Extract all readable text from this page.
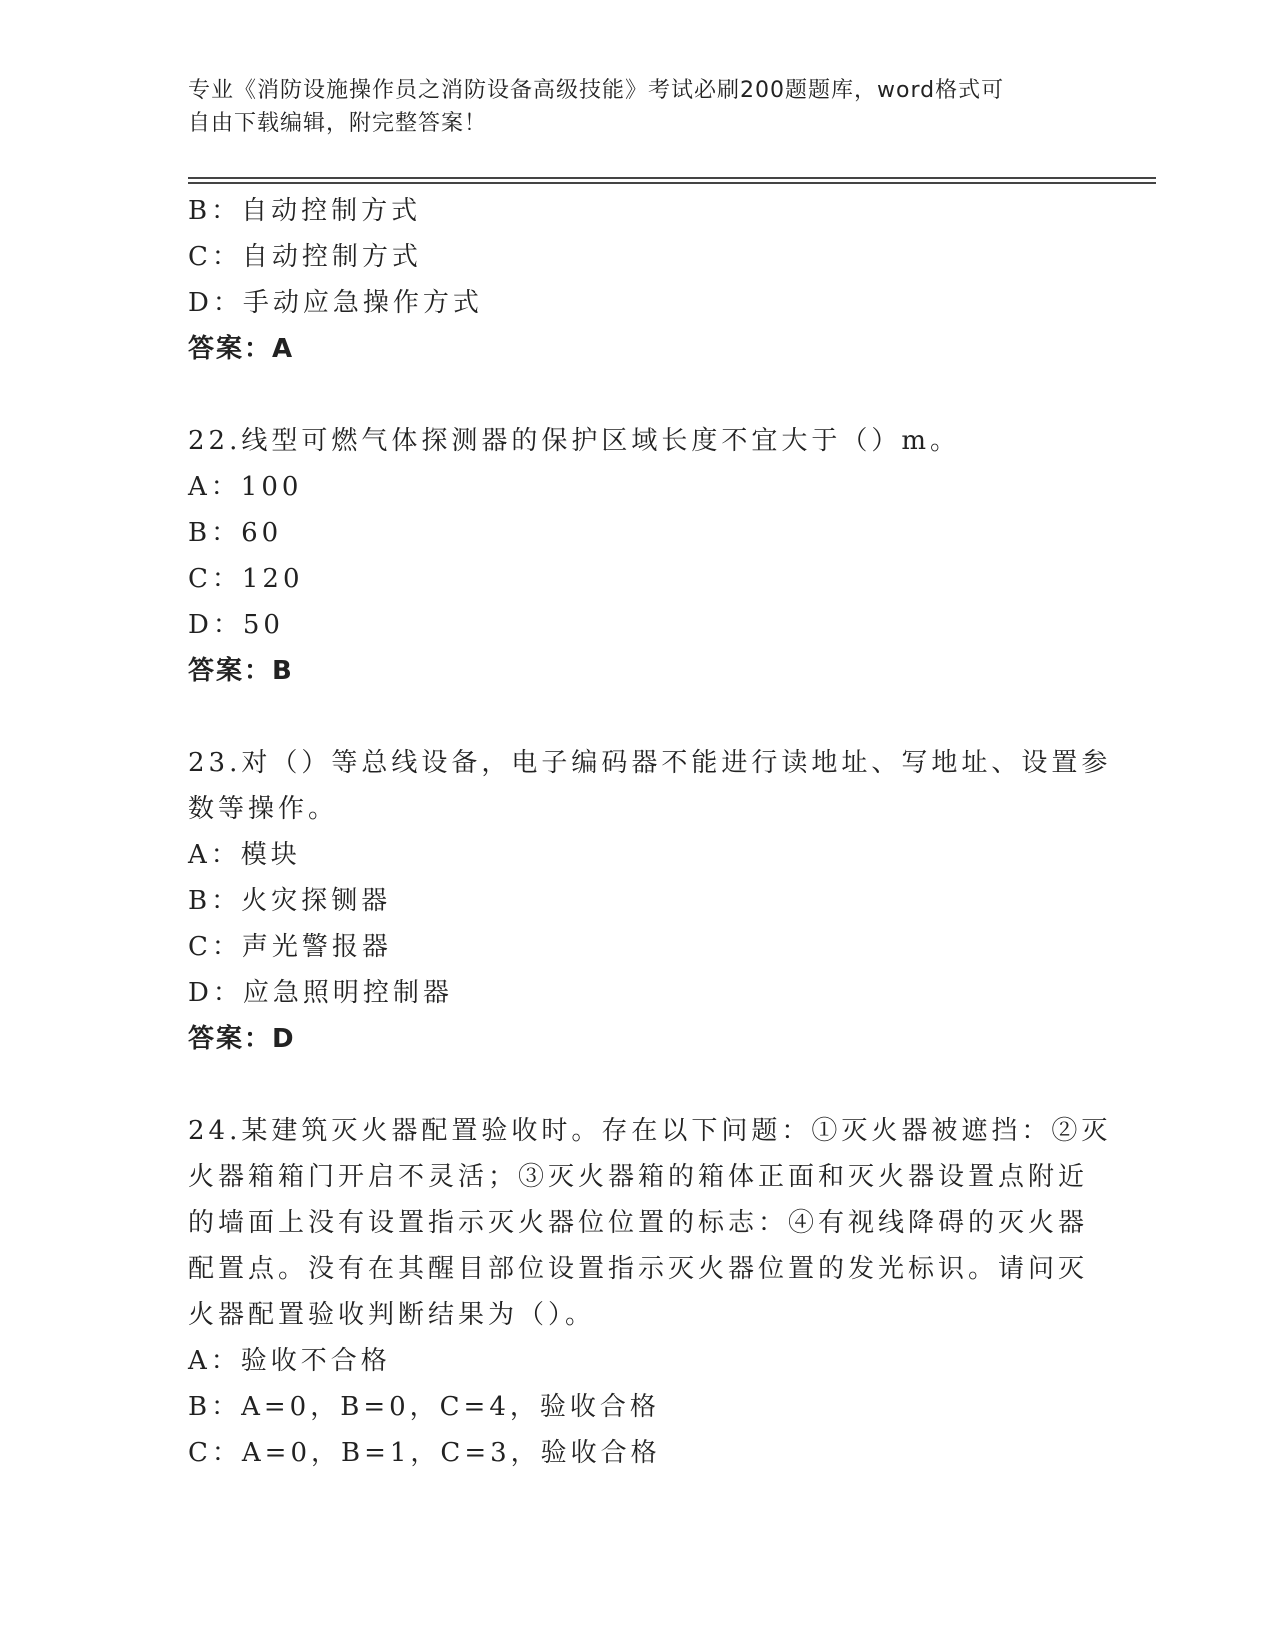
专业《消防设施操作员之消防设备高级技能》考试必刷200题题库，word格式可
自由下载编辑，附完整答案！
B：自动控制方式
C：自动控制方式
D：手动应急操作方式
答案：A
22.线型可燃气体探测器的保护区域长度不宜大于（）m。
A：100
B：60
C：120
D：50
答案：B
23.对（）等总线设备，电子编码器不能进行读地址、写地址、设置参
数等操作。
A：模块
B：火灾探铡器
C：声光警报器
D：应急照明控制器
答案：D
24.某建筑灭火器配置验收时。存在以下问题：①灭火器被遮挡：②灭
火器箱箱门开启不灵活；③灭火器箱的箱体正面和灭火器设置点附近
的墙面上没有设置指示灭火器位位置的标志：④有视线降碍的灭火器
配置点。没有在其醒目部位设置指示灭火器位置的发光标识。请问灭
火器配置验收判断结果为（）。
A：验收不合格
B：A=0，B=0，C=4，验收合格
C：A=0，B=1，C=3，验收合格
